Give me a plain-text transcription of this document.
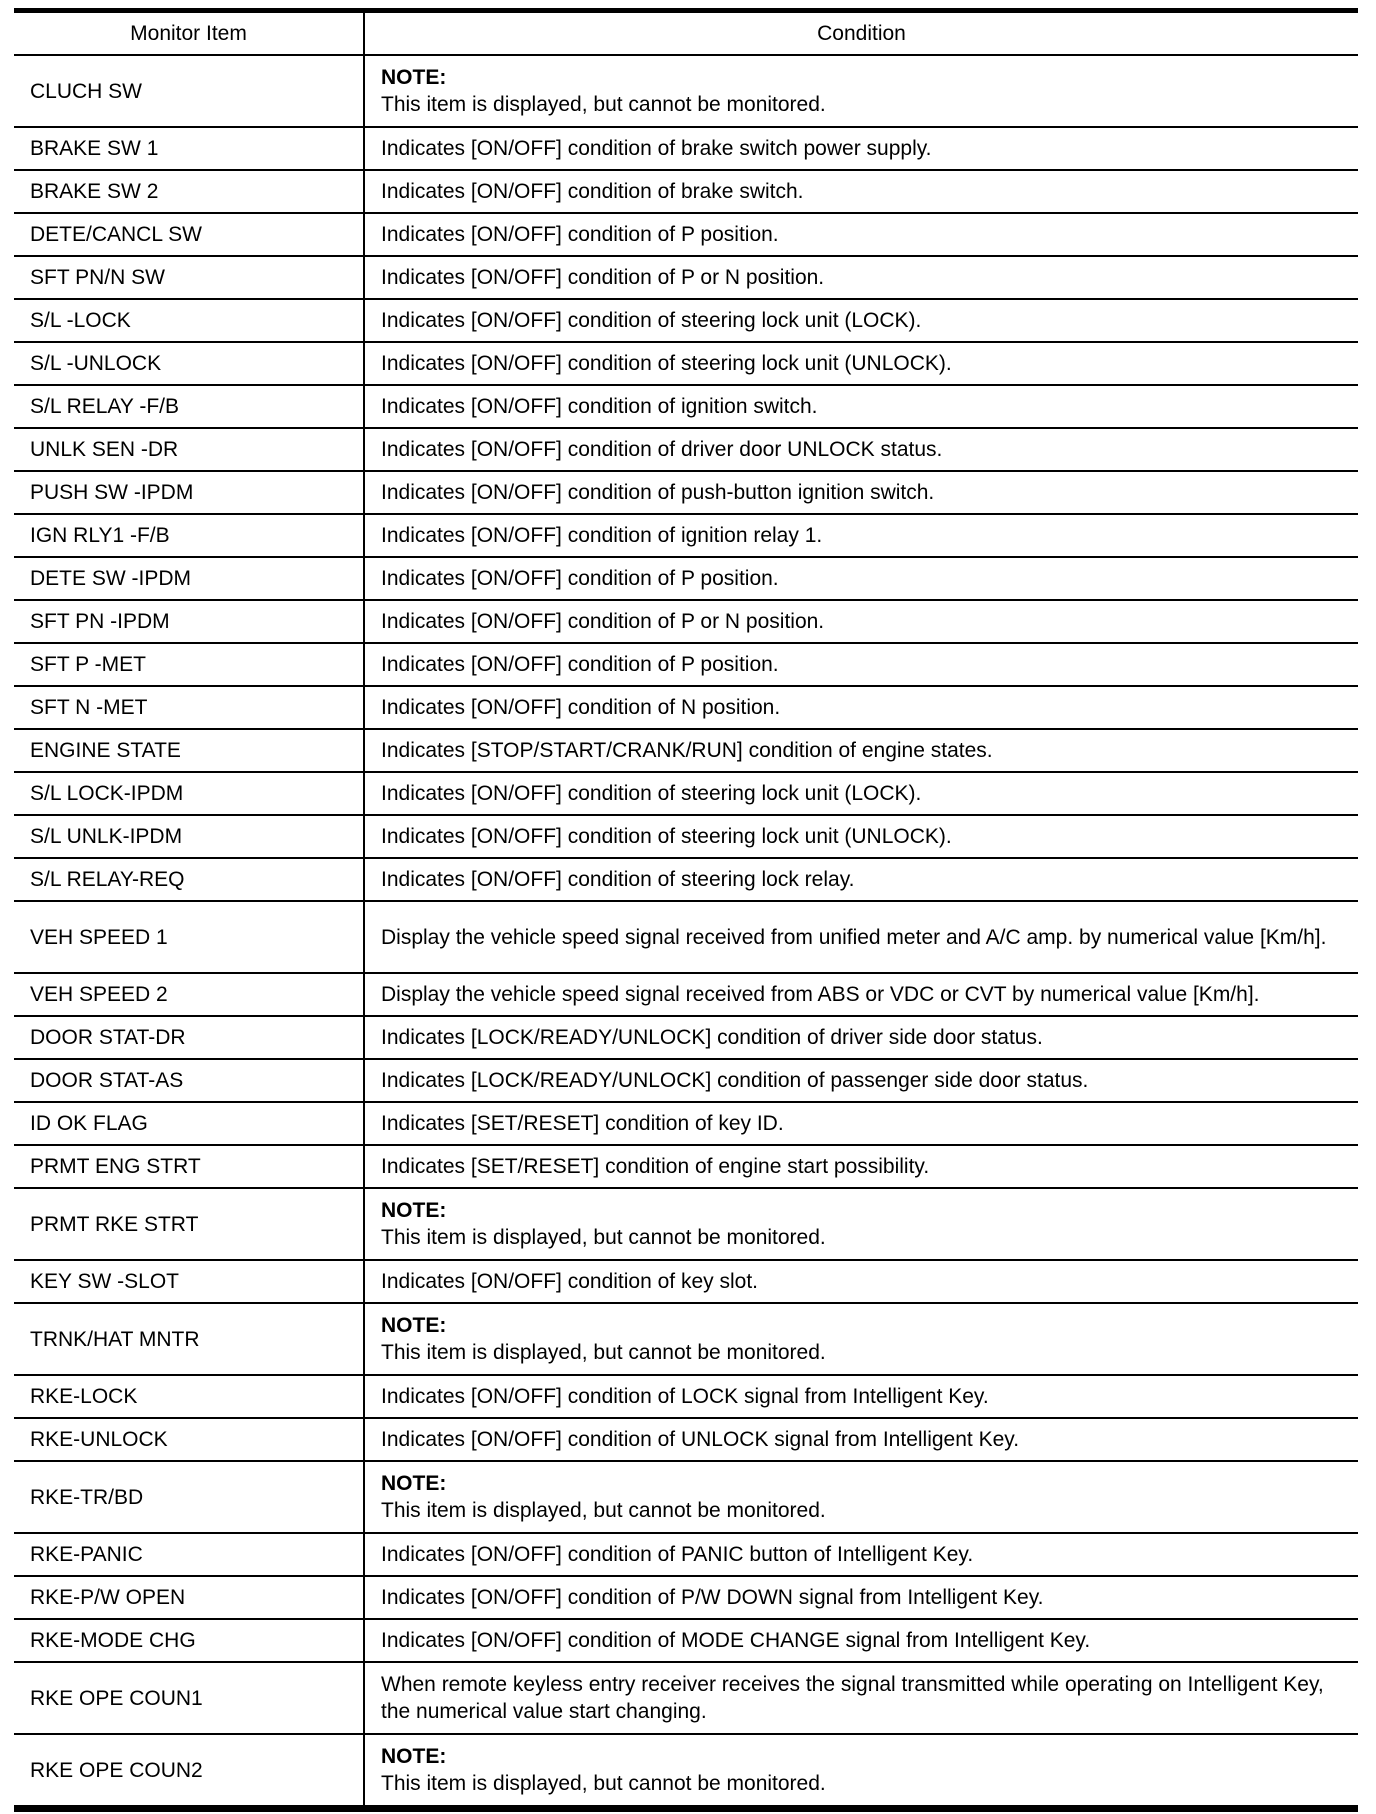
Monitor Item	Condition
CLUCH SW	NOTE:
This item is displayed, but cannot be monitored.
BRAKE SW 1	Indicates [ON/OFF] condition of brake switch power supply.
BRAKE SW 2	Indicates [ON/OFF] condition of brake switch.
DETE/CANCL SW	Indicates [ON/OFF] condition of P position.
SFT PN/N SW	Indicates [ON/OFF] condition of P or N position.
S/L -LOCK	Indicates [ON/OFF] condition of steering lock unit (LOCK).
S/L -UNLOCK	Indicates [ON/OFF] condition of steering lock unit (UNLOCK).
S/L RELAY -F/B	Indicates [ON/OFF] condition of ignition switch.
UNLK SEN -DR	Indicates [ON/OFF] condition of driver door UNLOCK status.
PUSH SW -IPDM	Indicates [ON/OFF] condition of push-button ignition switch.
IGN RLY1 -F/B	Indicates [ON/OFF] condition of ignition relay 1.
DETE SW -IPDM	Indicates [ON/OFF] condition of P position.
SFT PN -IPDM	Indicates [ON/OFF] condition of P or N position.
SFT P -MET	Indicates [ON/OFF] condition of P position.
SFT N -MET	Indicates [ON/OFF] condition of N position.
ENGINE STATE	Indicates [STOP/START/CRANK/RUN] condition of engine states.
S/L LOCK-IPDM	Indicates [ON/OFF] condition of steering lock unit (LOCK).
S/L UNLK-IPDM	Indicates [ON/OFF] condition of steering lock unit (UNLOCK).
S/L RELAY-REQ	Indicates [ON/OFF] condition of steering lock relay.
VEH SPEED 1	Display the vehicle speed signal received from unified meter and A/C amp. by numerical value [Km/h].
VEH SPEED 2	Display the vehicle speed signal received from ABS or VDC or CVT by numerical value [Km/h].
DOOR STAT-DR	Indicates [LOCK/READY/UNLOCK] condition of driver side door status.
DOOR STAT-AS	Indicates [LOCK/READY/UNLOCK] condition of passenger side door status.
ID OK FLAG	Indicates [SET/RESET] condition of key ID.
PRMT ENG STRT	Indicates [SET/RESET] condition of engine start possibility.
PRMT RKE STRT	NOTE:
This item is displayed, but cannot be monitored.
KEY SW -SLOT	Indicates [ON/OFF] condition of key slot.
TRNK/HAT MNTR	NOTE:
This item is displayed, but cannot be monitored.
RKE-LOCK	Indicates [ON/OFF] condition of LOCK signal from Intelligent Key.
RKE-UNLOCK	Indicates [ON/OFF] condition of UNLOCK signal from Intelligent Key.
RKE-TR/BD	NOTE:
This item is displayed, but cannot be monitored.
RKE-PANIC	Indicates [ON/OFF] condition of PANIC button of Intelligent Key.
RKE-P/W OPEN	Indicates [ON/OFF] condition of P/W DOWN signal from Intelligent Key.
RKE-MODE CHG	Indicates [ON/OFF] condition of MODE CHANGE signal from Intelligent Key.
RKE OPE COUN1	When remote keyless entry receiver receives the signal transmitted while operating on Intelligent Key, the numerical value start changing.
RKE OPE COUN2	NOTE:
This item is displayed, but cannot be monitored.
